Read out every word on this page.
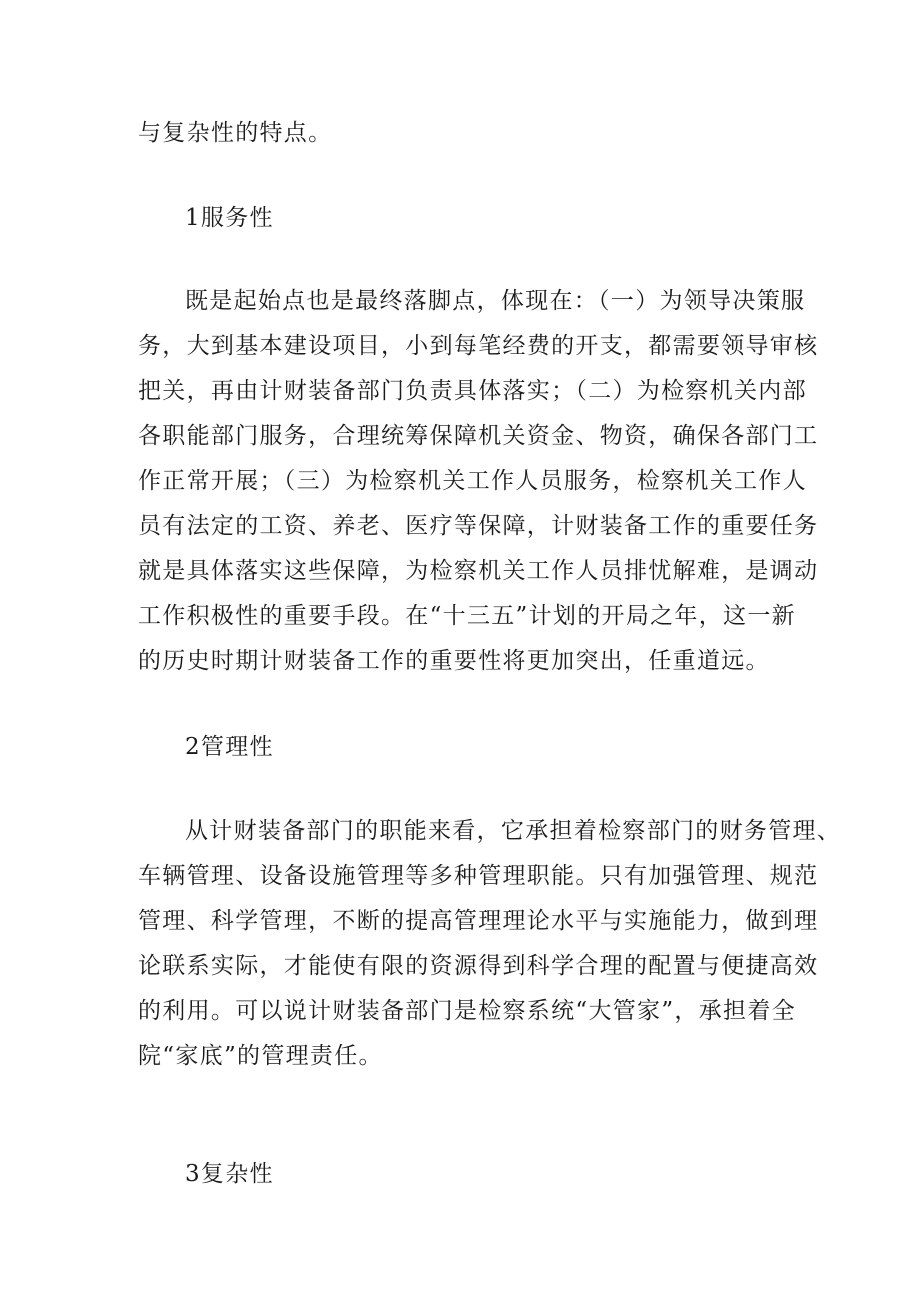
与复杂性的特点。
1服务性
既是起始点也是最终落脚点，体现在：（一）为领导决策服
务，大到基本建设项目，小到每笔经费的开支，都需要领导审核
把关，再由计财装备部门负责具体落实；（二）为检察机关内部
各职能部门服务，合理统筹保障机关资金、物资，确保各部门工
作正常开展；（三）为检察机关工作人员服务，检察机关工作人
员有法定的工资、养老、医疗等保障，计财装备工作的重要任务
就是具体落实这些保障，为检察机关工作人员排忧解难，是调动
工作积极性的重要手段。在“十三五”计划的开局之年，这一新
的历史时期计财装备工作的重要性将更加突出，任重道远。
2管理性
从计财装备部门的职能来看，它承担着检察部门的财务管理、
车辆管理、设备设施管理等多种管理职能。只有加强管理、规范
管理、科学管理，不断的提高管理理论水平与实施能力，做到理
论联系实际，才能使有限的资源得到科学合理的配置与便捷高效
的利用。可以说计财装备部门是检察系统“大管家”，承担着全
院“家底”的管理责任。
3复杂性
